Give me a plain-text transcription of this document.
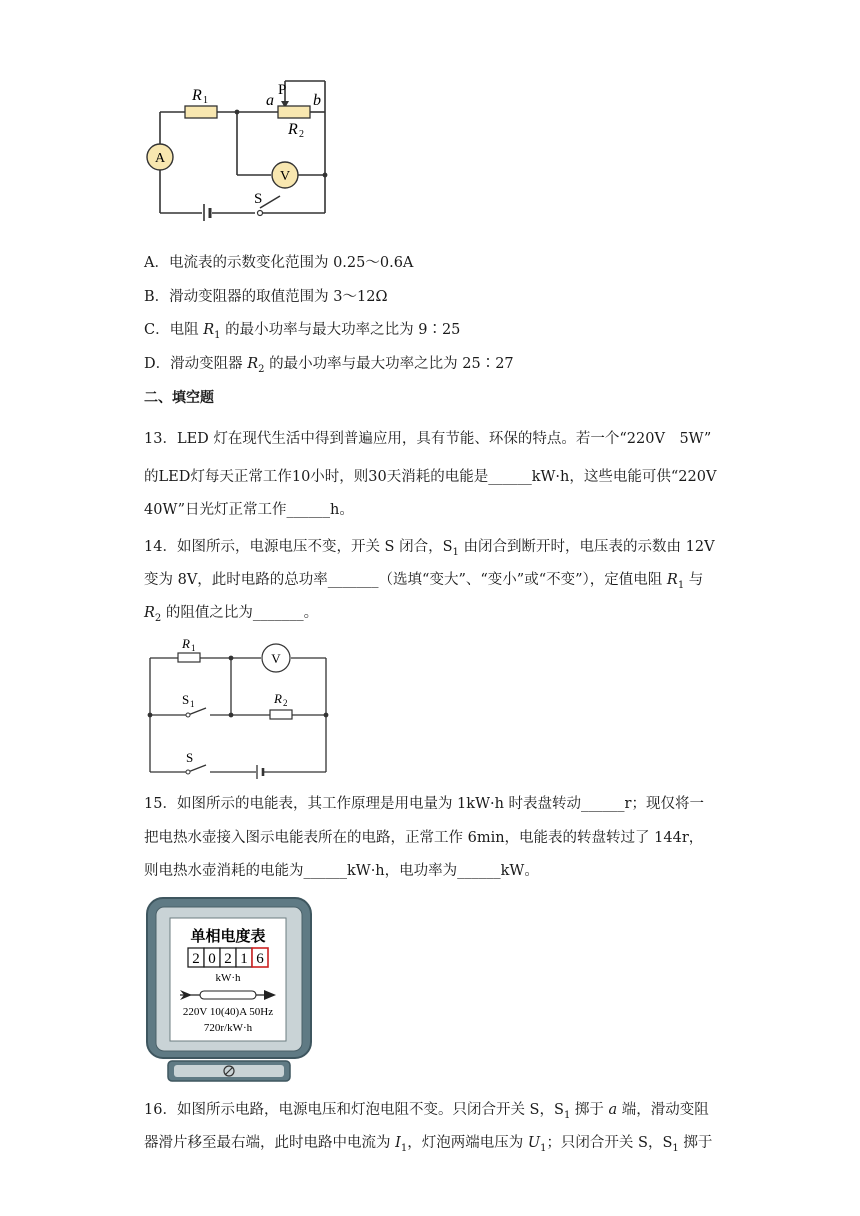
A
V
R 1
R 2
a
P
b
S
A．电流表的示数变化范围为 0.25～0.6A
B．滑动变阻器的取值范围为 3～12Ω
C．电阻 $R_1$ 的最小功率与最大功率之比为 9∶25
D．滑动变阻器 $R_2$ 的最小功率与最大功率之比为 25∶27
二、填空题
13．LED 灯在现代生活中得到普遍应用，具有节能、环保的特点。若一个“220V　5W”
的LED灯每天正常工作10小时，则30天消耗的电能是______kW·h，这些电能可供“220V
40W”日光灯正常工作______h。
14．如图所示，电源电压不变，开关 S 闭合，$S_1$ 由闭合到断开时，电压表的示数由 12V
变为 8V，此时电路的总功率_______（选填“变大”、“变小”或“不变”），定值电阻 $R_1$ 与
$R_2$ 的阻值之比为_______。
V
R 1
R 2
S 1
S
15．如图所示的电能表，其工作原理是用电量为 1kW·h 时表盘转动______r；现仅将一
把电热水壶接入图示电能表所在的电路，正常工作 6min，电能表的转盘转过了 144r，
则电热水壶消耗的电能为______kW·h，电功率为______kW。
单相电度表
2 0 2 1 6
kW·h
220V 10(40)A 50Hz
720r/kW·h
16．如图所示电路，电源电压和灯泡电阻不变。只闭合开关 S，$S_1$ 掷于 a 端，滑动变阻
器滑片移至最右端，此时电路中电流为 $I_1$，灯泡两端电压为 $U_1$；只闭合开关 S，$S_1$ 掷于
